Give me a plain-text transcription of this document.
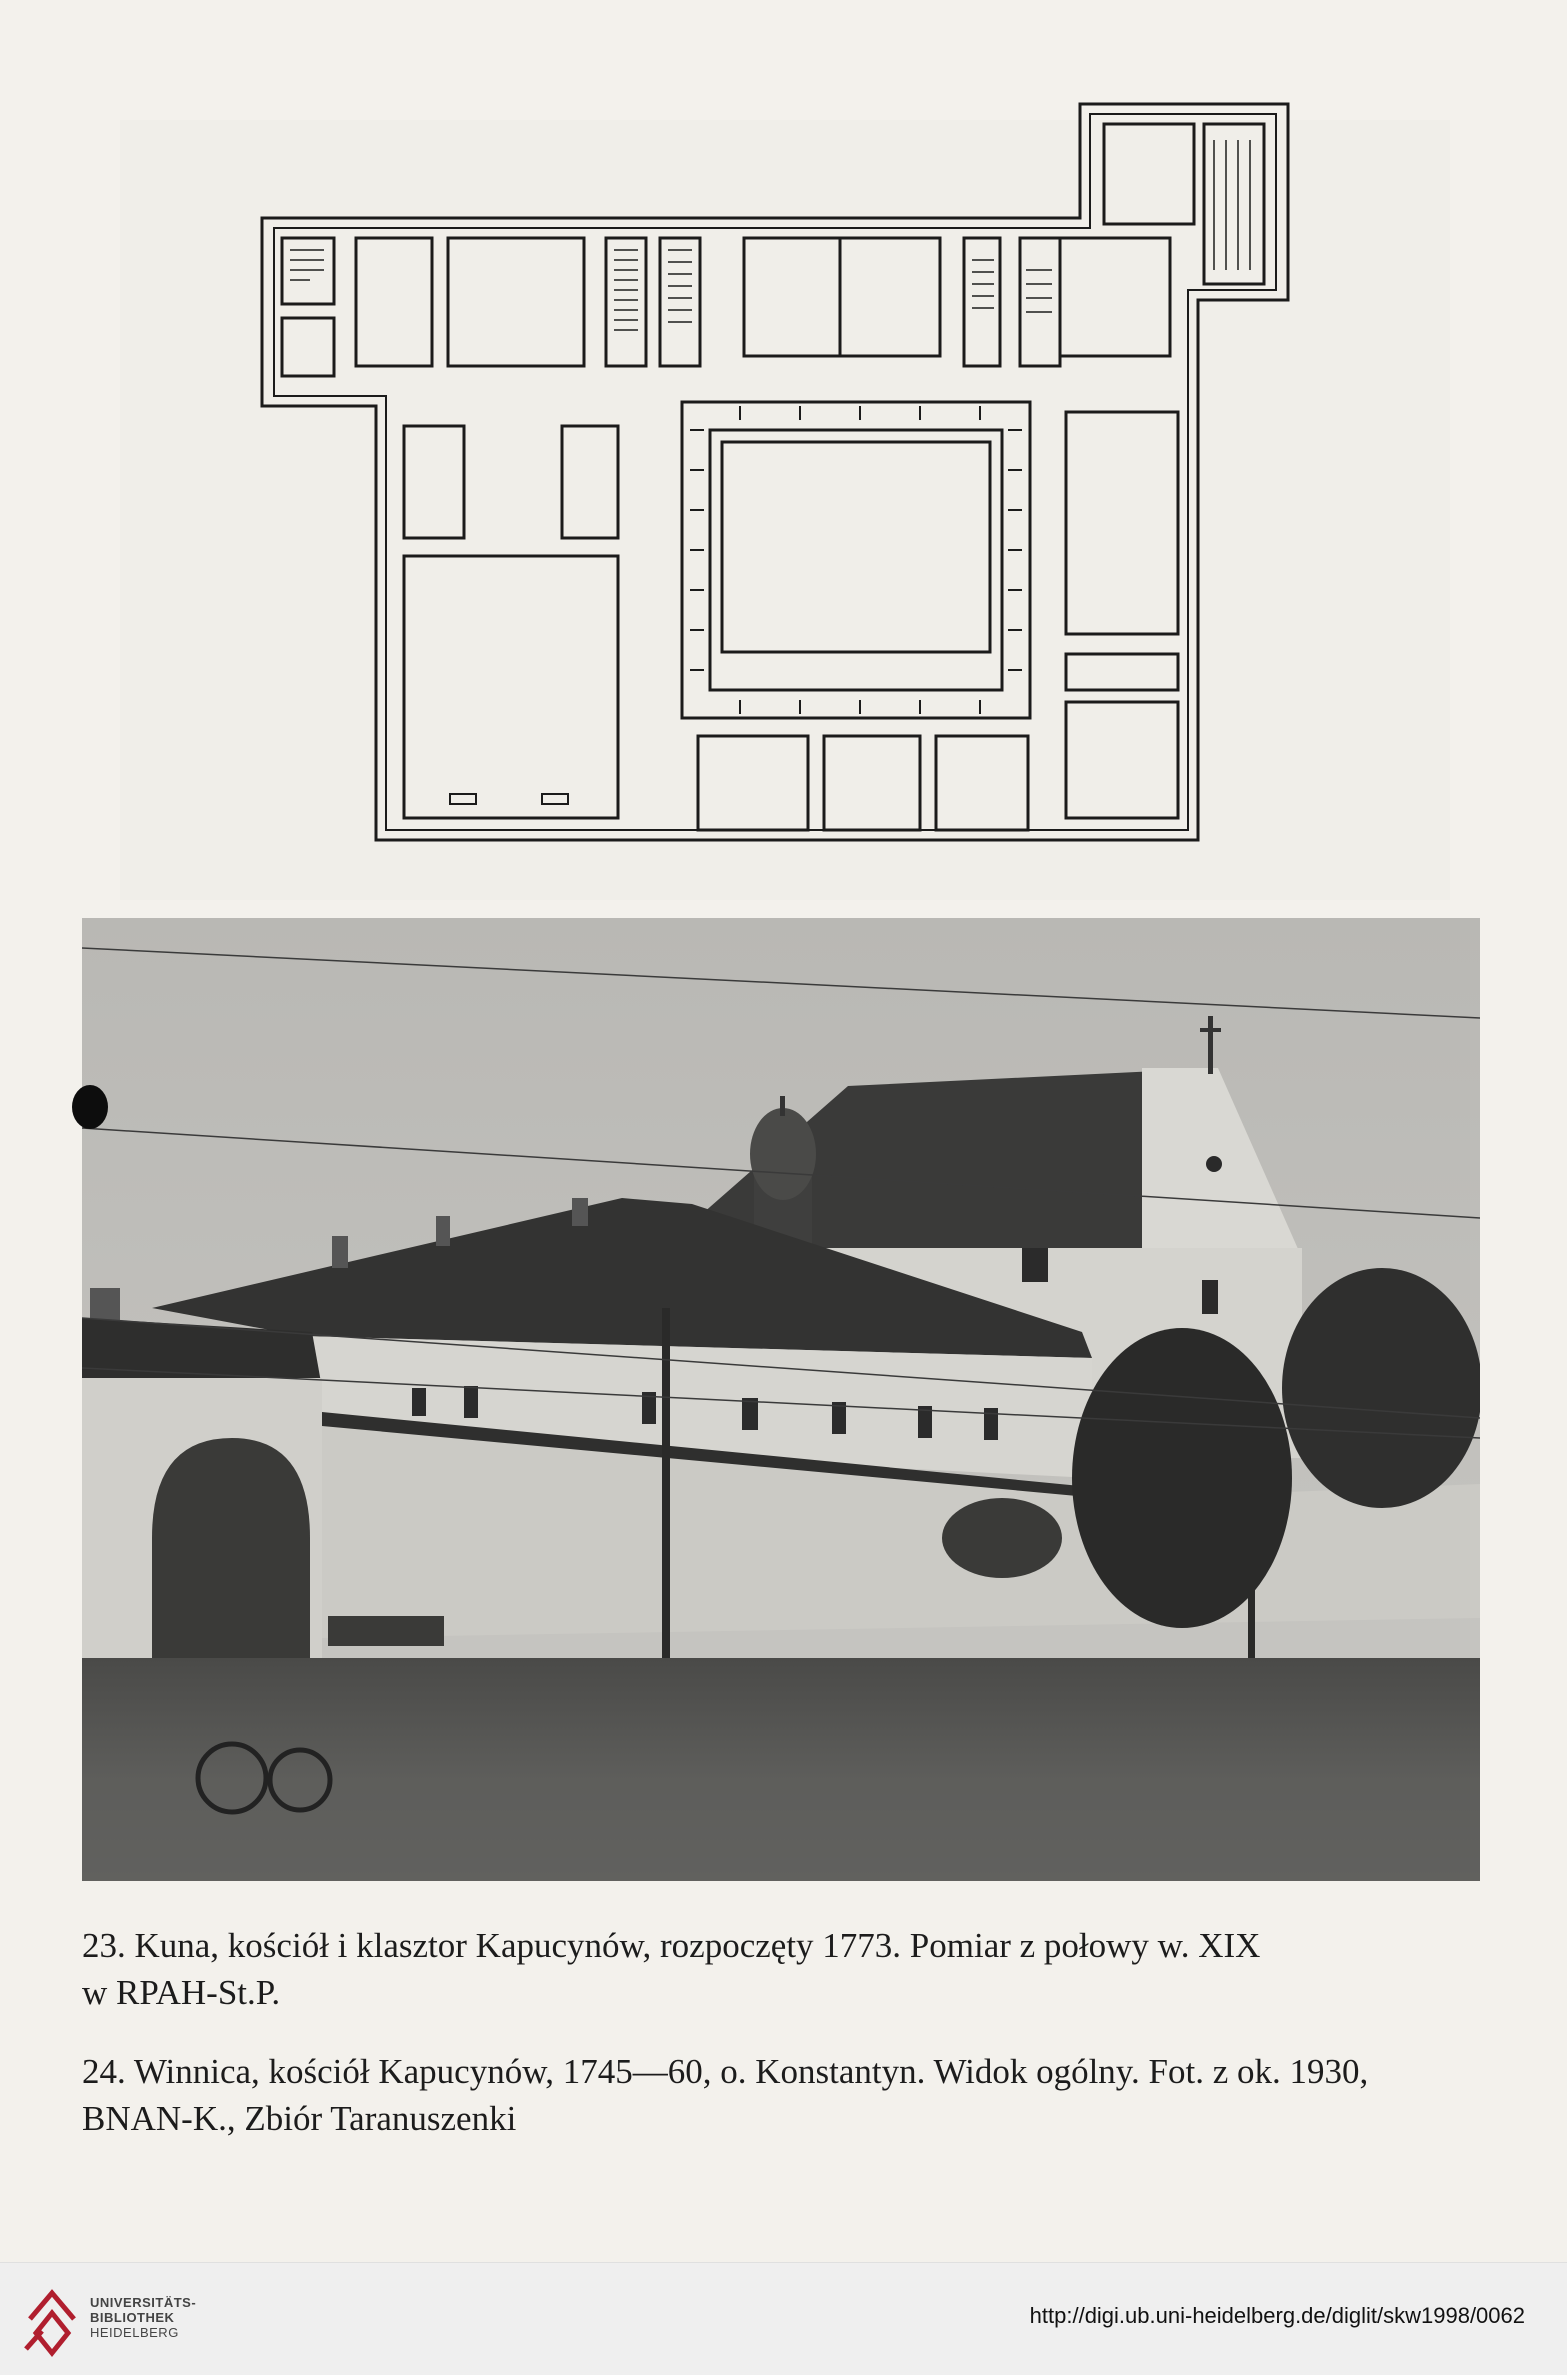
23. Kuna, kościół i klasztor Kapucynów, rozpoczęty 1773. Pomiar z połowy w. XIX
w RPAH-St.P.
24. Winnica, kościół Kapucynów, 1745—60, o. Konstantyn. Widok ogólny. Fot. z ok. 1930,
BNAN-K., Zbiór Taranuszenki
UNIVERSITÄTS-
BIBLIOTHEK
HEIDELBERG
http://digi.ub.uni-heidelberg.de/diglit/skw1998/0062
